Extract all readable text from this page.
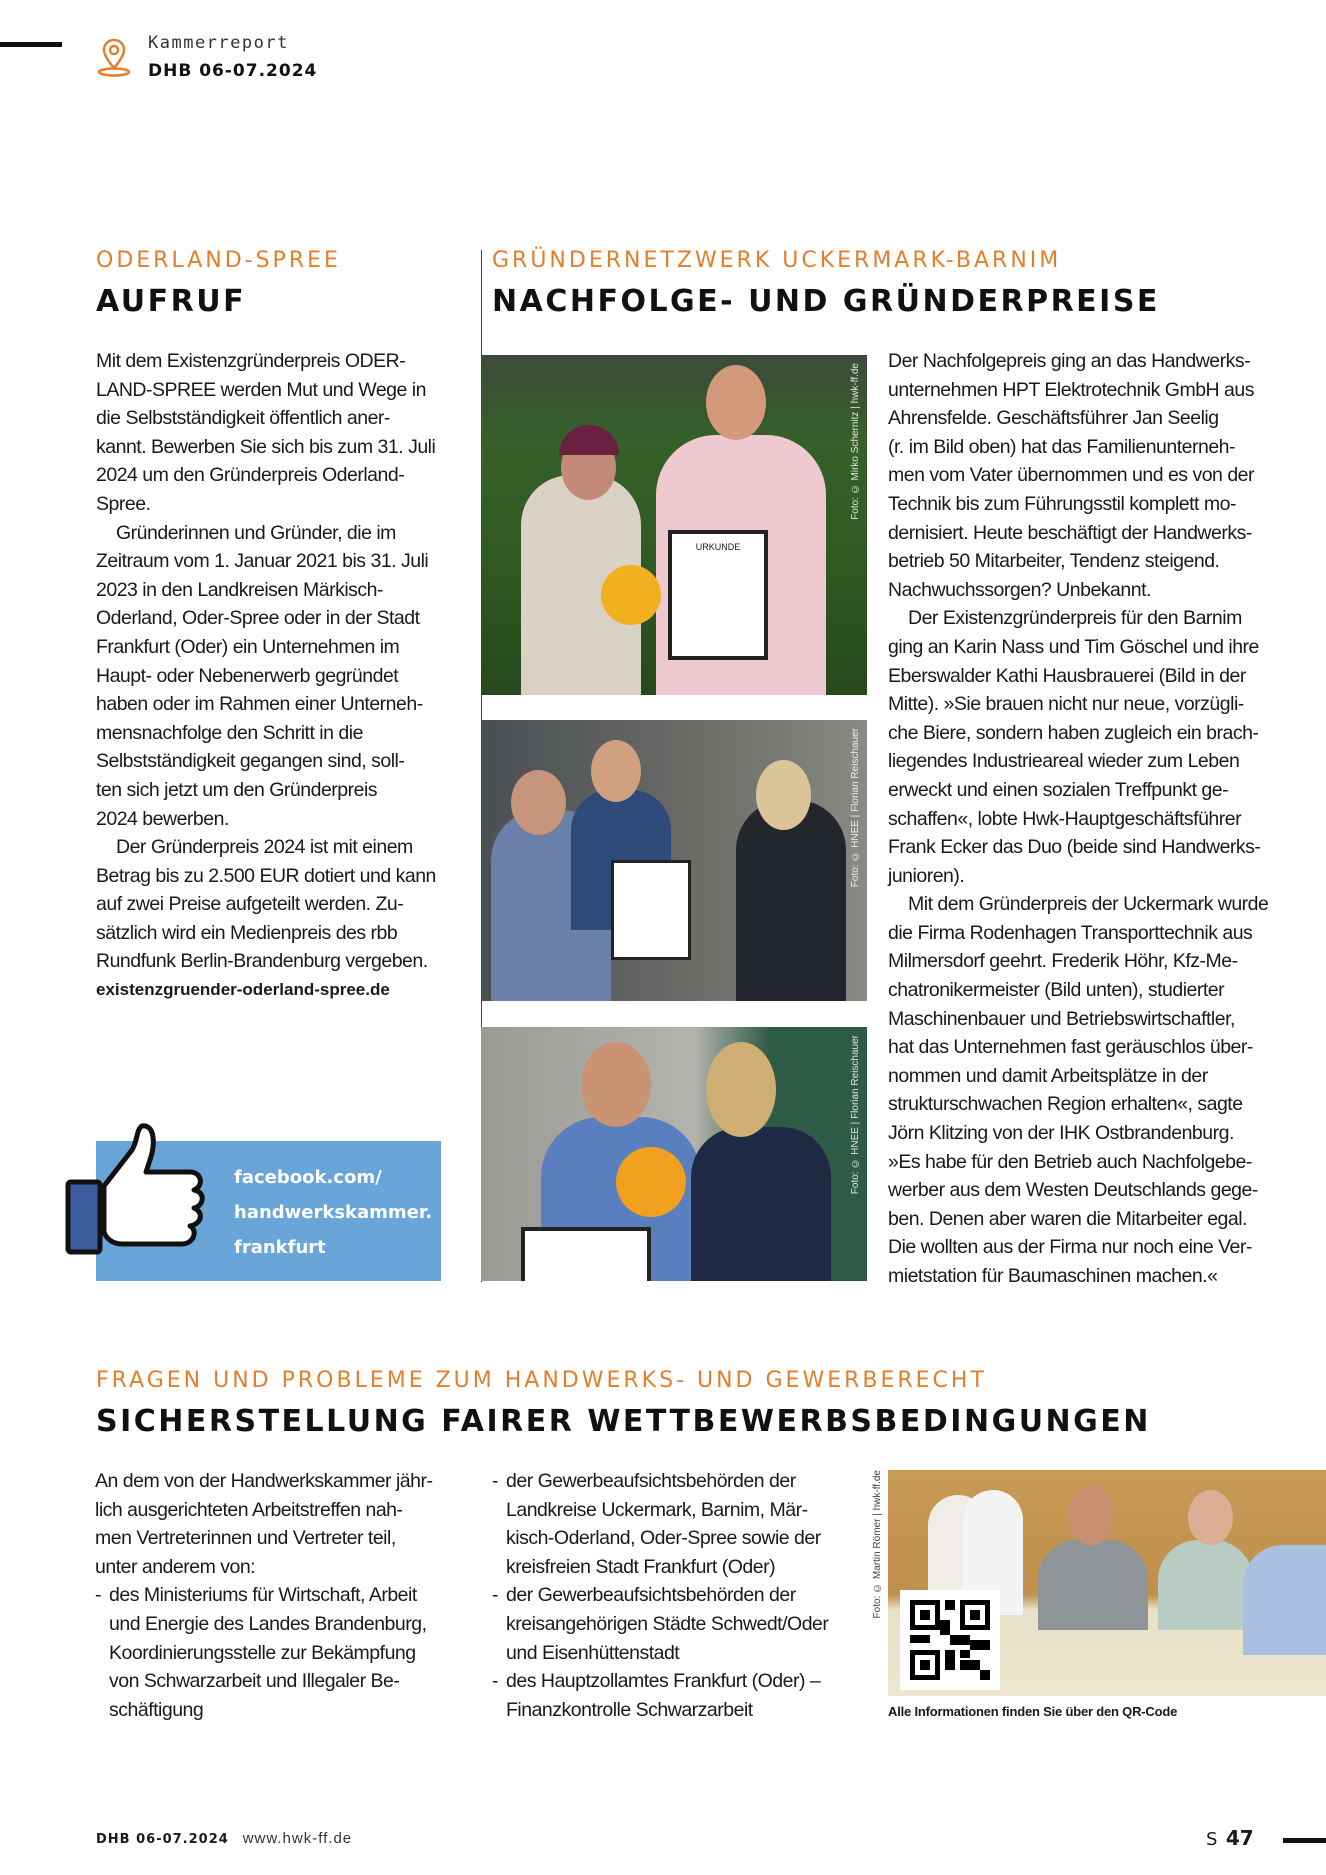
Kammerreport
DHB 06-07.2024
ODERLAND-SPREE
AUFRUF
Mit dem Existenzgründerpreis ODER-
LAND-SPREE werden Mut und Wege in
die Selbstständigkeit öffentlich aner-
kannt. Bewerben Sie sich bis zum 31. Juli
2024 um den Gründerpreis Oderland-
Spree.
Gründerinnen und Gründer, die im
Zeitraum vom 1. Januar 2021 bis 31. Juli
2023 in den Landkreisen Märkisch-
Oderland, Oder-Spree oder in der Stadt
Frankfurt (Oder) ein Unternehmen im
Haupt- oder Nebenerwerb gegründet
haben oder im Rahmen einer Unterneh-
mensnachfolge den Schritt in die
Selbstständigkeit gegangen sind, soll-
ten sich jetzt um den Gründerpreis
2024 bewerben.
Der Gründerpreis 2024 ist mit einem
Betrag bis zu 2.500 EUR dotiert und kann
auf zwei Preise aufgeteilt werden. Zu-
sätzlich wird ein Medienpreis des rbb
Rundfunk Berlin-Brandenburg vergeben.
existenzgruender-oderland-spree.de
facebook.com/
handwerkskammer.
frankfurt
GRÜNDERNETZWERK UCKERMARK-BARNIM
NACHFOLGE- UND GRÜNDERPREISE
URKUNDE
Foto: © Mirko Schernitz | hwk-ff.de
Foto: © HNEE | Florian Reischauer
Foto: © HNEE | Florian Reischauer
Der Nachfolgepreis ging an das Handwerks-
unternehmen HPT Elektrotechnik GmbH aus
Ahrensfelde. Geschäftsführer Jan Seelig
(r. im Bild oben) hat das Familienunterneh-
men vom Vater übernommen und es von der
Technik bis zum Führungsstil komplett mo-
dernisiert. Heute beschäftigt der Handwerks-
betrieb 50 Mitarbeiter, Tendenz steigend.
Nachwuchssorgen? Unbekannt.
Der Existenzgründerpreis für den Barnim
ging an Karin Nass und Tim Göschel und ihre
Eberswalder Kathi Hausbrauerei (Bild in der
Mitte). »Sie brauen nicht nur neue, vorzügli-
che Biere, sondern haben zugleich ein brach-
liegendes Industrieareal wieder zum Leben
erweckt und einen sozialen Treffpunkt ge-
schaffen«, lobte Hwk-Hauptgeschäftsführer
Frank Ecker das Duo (beide sind Handwerks-
junioren).
Mit dem Gründerpreis der Uckermark wurde
die Firma Rodenhagen Transporttechnik aus
Milmersdorf geehrt. Frederik Höhr, Kfz-Me-
chatronikermeister (Bild unten), studierter
Maschinenbauer und Betriebswirtschaftler,
hat das Unternehmen fast geräuschlos über-
nommen und damit Arbeitsplätze in der
strukturschwachen Region erhalten«, sagte
Jörn Klitzing von der IHK Ostbrandenburg.
»Es habe für den Betrieb auch Nachfolgebe-
werber aus dem Westen Deutschlands gege-
ben. Denen aber waren die Mitarbeiter egal.
Die wollten aus der Firma nur noch eine Ver-
mietstation für Baumaschinen machen.«
FRAGEN UND PROBLEME ZUM HANDWERKS- UND GEWERBERECHT
SICHERSTELLUNG FAIRER WETTBEWERBSBEDINGUNGEN
An dem von der Handwerkskammer jähr-
lich ausgerichteten Arbeitstreffen nah-
men Vertreterinnen und Vertreter teil,
unter anderem von:
- des Ministeriums für Wirtschaft, Arbeit
und Energie des Landes Brandenburg,
Koordinierungsstelle zur Bekämpfung
von Schwarzarbeit und Illegaler Be-
schäftigung
- der Gewerbeaufsichtsbehörden der
Landkreise Uckermark, Barnim, Mär-
kisch-Oderland, Oder-Spree sowie der
kreisfreien Stadt Frankfurt (Oder)
- der Gewerbeaufsichtsbehörden der
kreisangehörigen Städte Schwedt/Oder
und Eisenhüttenstadt
- des Hauptzollamtes Frankfurt (Oder) –
Finanzkontrolle Schwarzarbeit
Foto: © Martin Römer | hwk-ff.de
Alle Informationen finden Sie über den QR-Code
DHB 06-07.2024 www.hwk-ff.de	S 47
